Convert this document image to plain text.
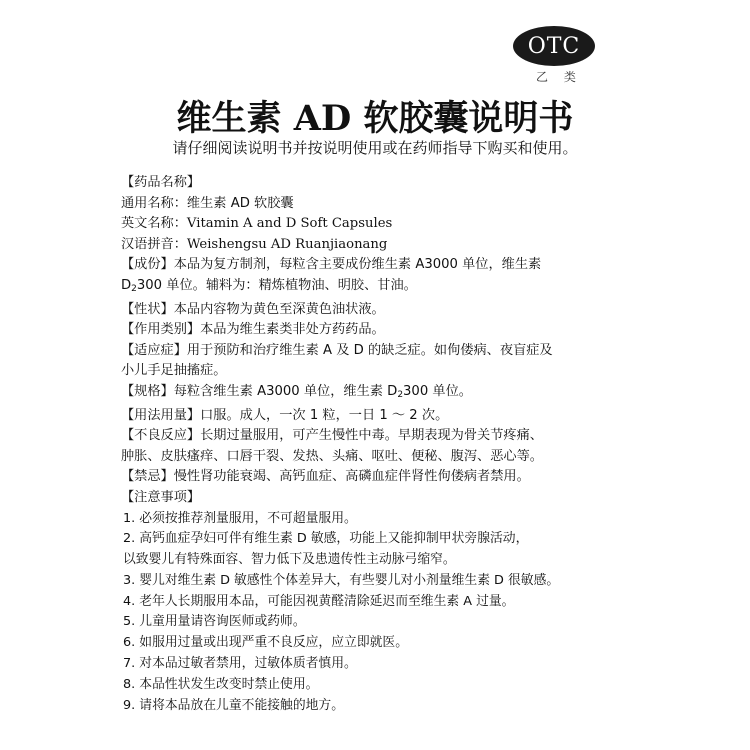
OTC
乙 类
维生素 AD 软胶囊说明书
请仔细阅读说明书并按说明使用或在药师指导下购买和使用。
【药品名称】
通用名称：维生素 AD 软胶囊
英文名称：Vitamin A and D Soft Capsules
汉语拼音：Weishengsu AD Ruanjiaonang
【成份】本品为复方制剂，每粒含主要成份维生素 A3000 单位，维生素
$D_2300$ 单位。辅料为：精炼植物油、明胶、甘油。
【性状】本品内容物为黄色至深黄色油状液。
【作用类别】本品为维生素类非处方药药品。
【适应症】用于预防和治疗维生素 A 及 D 的缺乏症。如佝偻病、夜盲症及
小儿手足抽搐症。
【规格】每粒含维生素 A3000 单位，维生素 $D_2300$ 单位。
【用法用量】口服。成人，一次 1 粒，一日 1 ～ 2 次。
【不良反应】长期过量服用，可产生慢性中毒。早期表现为骨关节疼痛、
肿胀、皮肤瘙痒、口唇干裂、发热、头痛、呕吐、便秘、腹泻、恶心等。
【禁忌】慢性肾功能衰竭、高钙血症、高磷血症伴肾性佝偻病者禁用。
【注意事项】
1. 必须按推荐剂量服用，不可超量服用。
2. 高钙血症孕妇可伴有维生素 D 敏感，功能上又能抑制甲状旁腺活动，
以致婴儿有特殊面容、智力低下及患遗传性主动脉弓缩窄。
3. 婴儿对维生素 D 敏感性个体差异大，有些婴儿对小剂量维生素 D 很敏感。
4. 老年人长期服用本品，可能因视黄醛清除延迟而至维生素 A 过量。
5. 儿童用量请咨询医师或药师。
6. 如服用过量或出现严重不良反应，应立即就医。
7. 对本品过敏者禁用，过敏体质者慎用。
8. 本品性状发生改变时禁止使用。
9. 请将本品放在儿童不能接触的地方。
